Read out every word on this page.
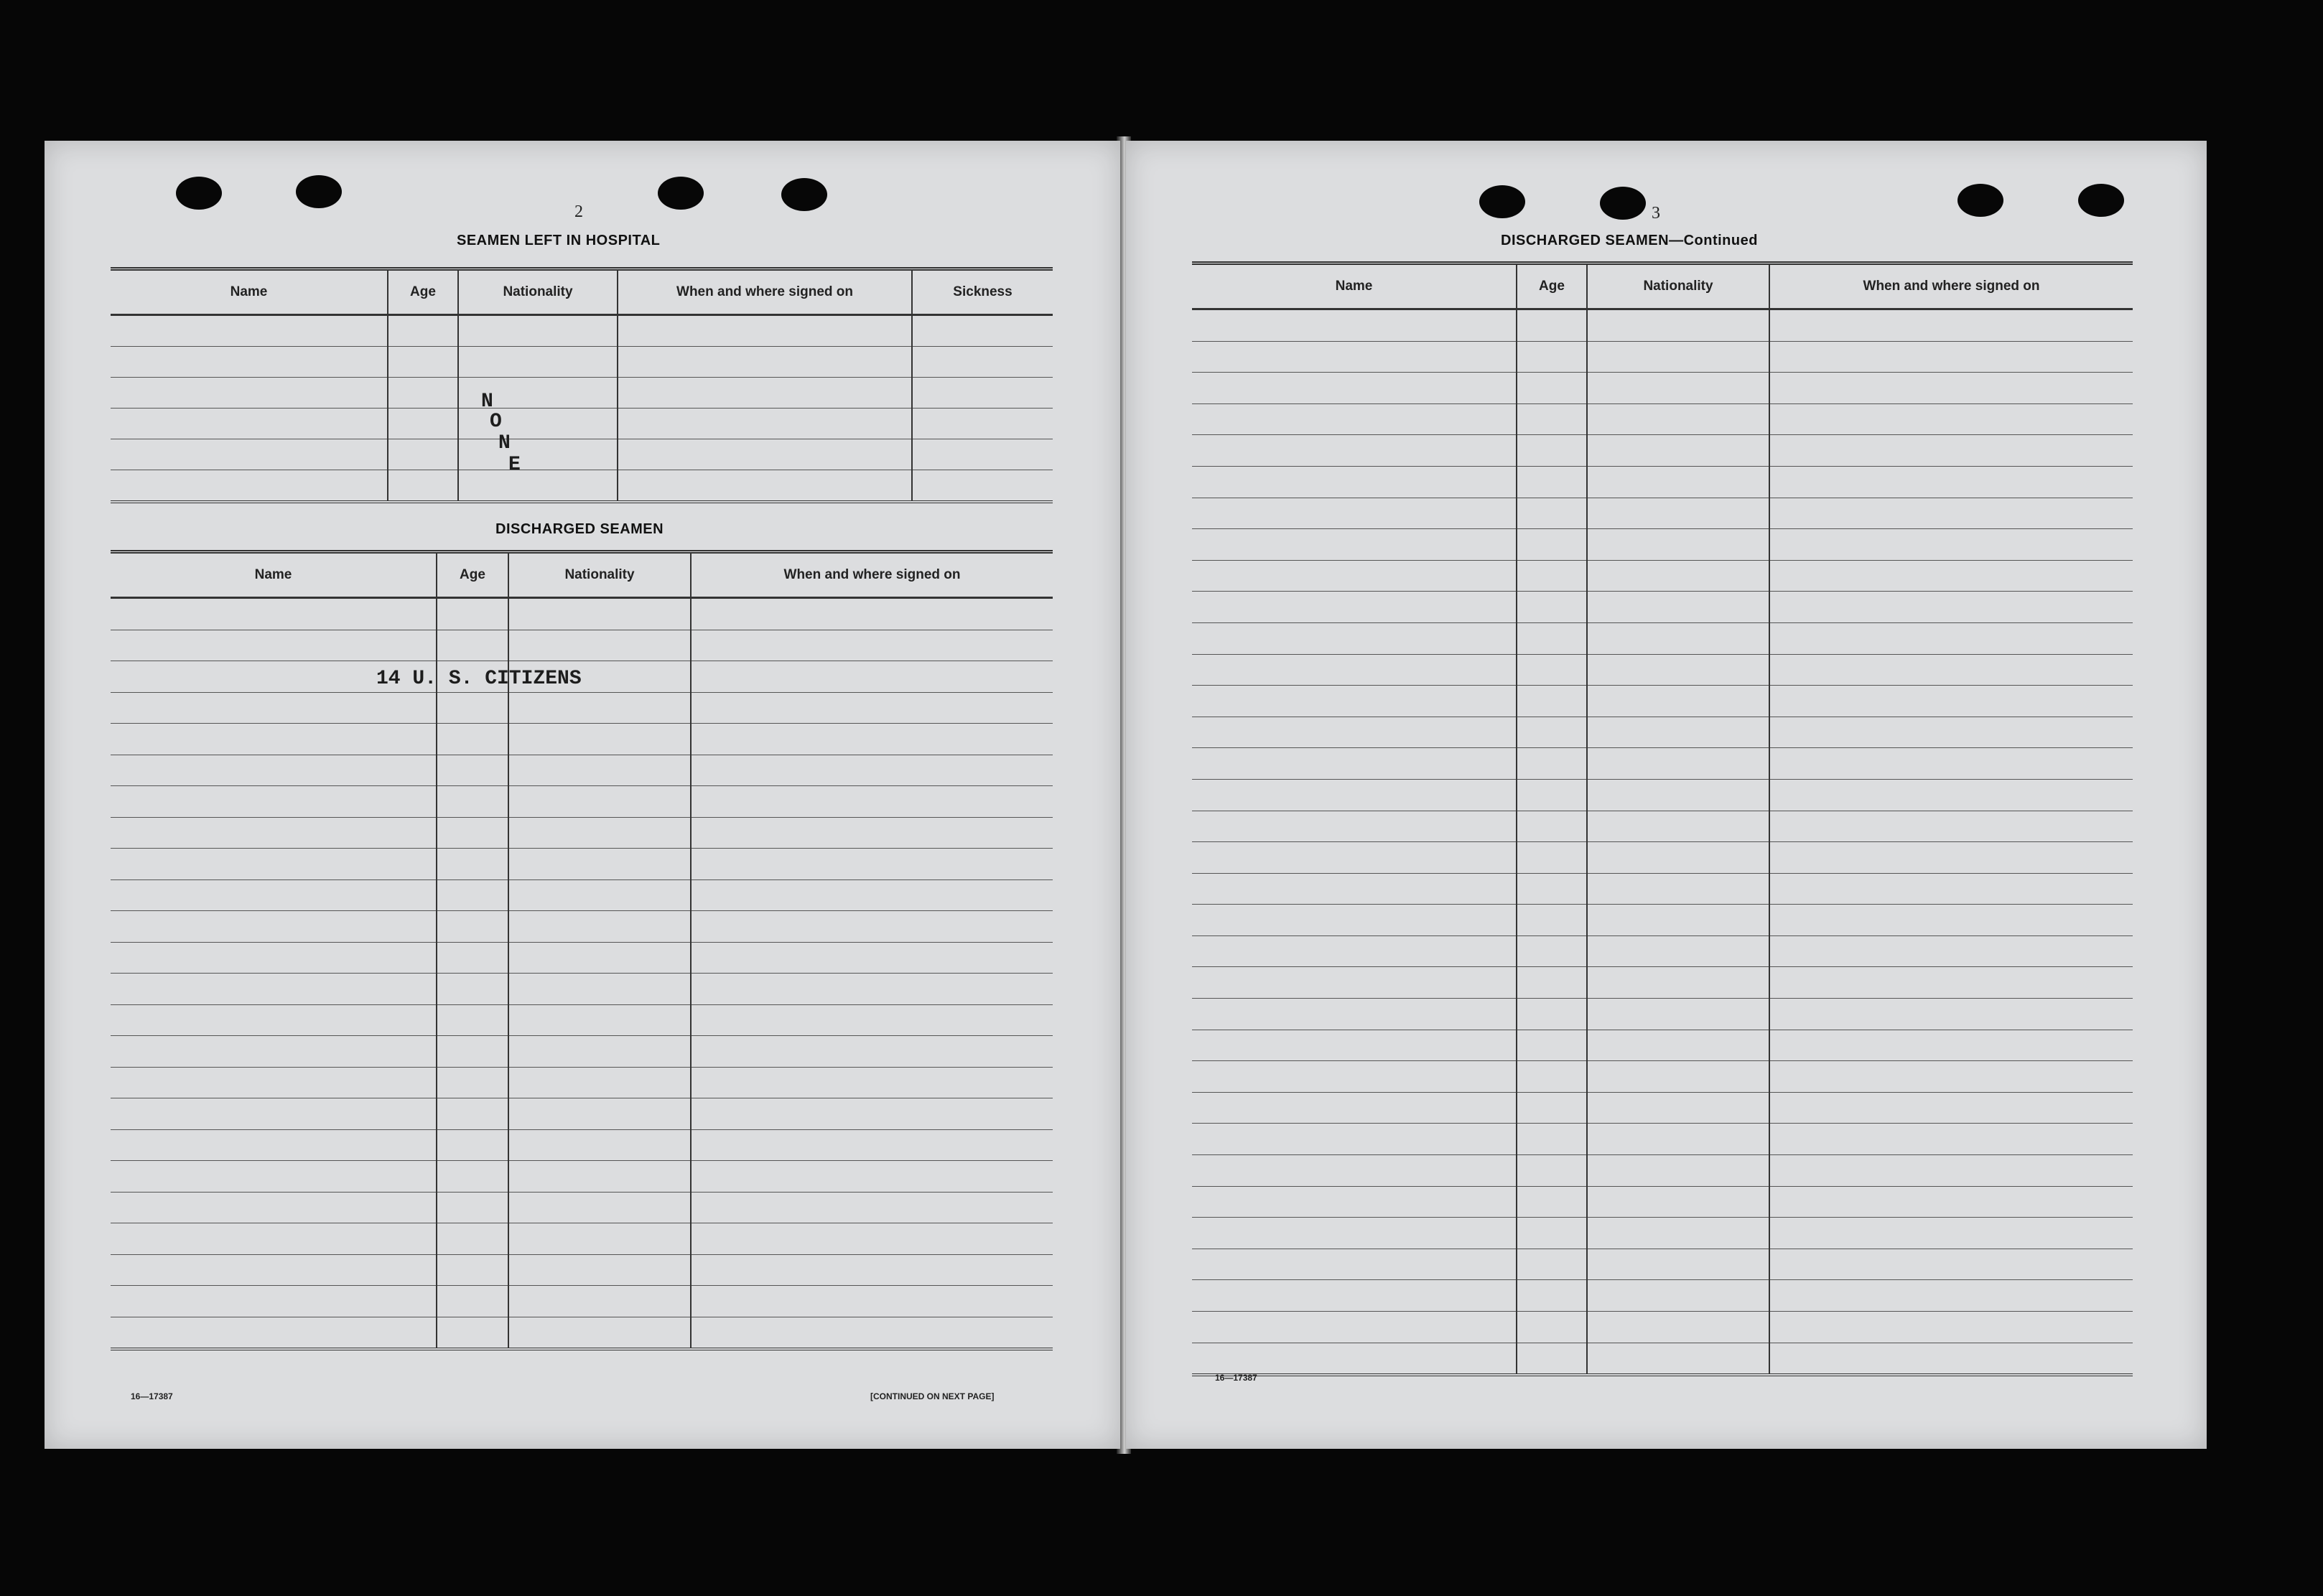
2
SEAMEN LEFT IN HOSPITAL
Name	Age	Nationality	When and where signed on	Sickness

N
O
N
E
DISCHARGED SEAMEN
Name	Age	Nationality	When and where signed on

14 U. S. CITIZENS
16—17387	[CONTINUED ON NEXT PAGE]
3
DISCHARGED SEAMEN—Continued
Name	Age	Nationality	When and where signed on

16—17387
